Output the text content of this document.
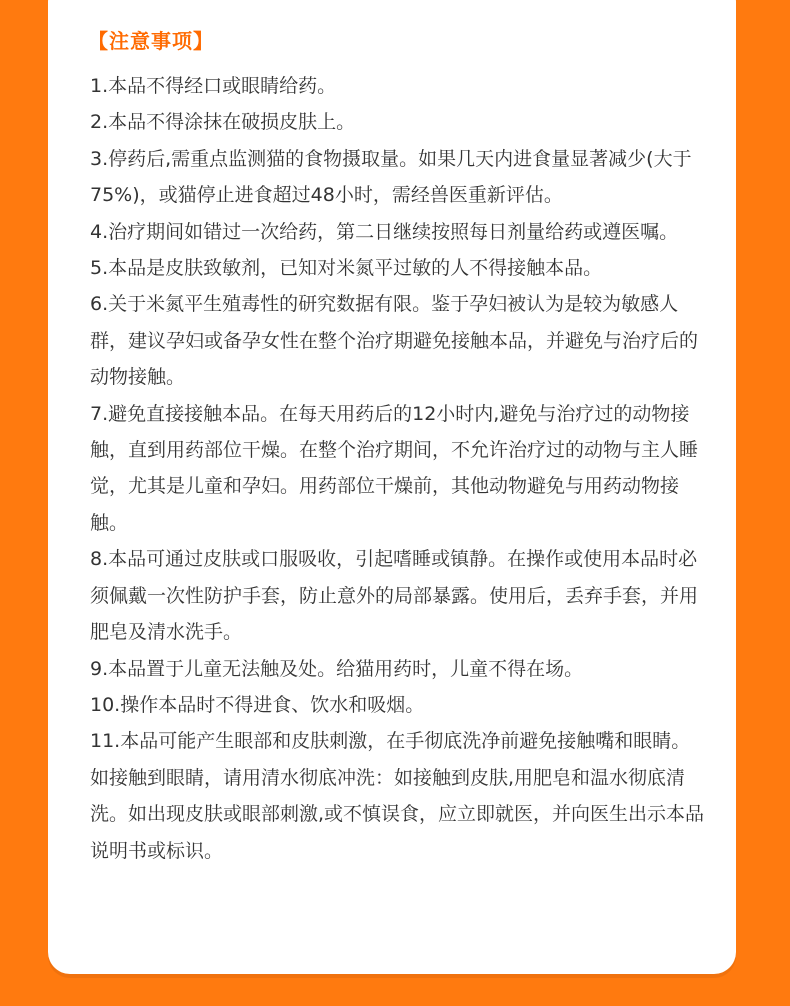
【注意事项】
1.本品不得经口或眼睛给药。
2.本品不得涂抹在破损皮肤上。
3.停药后,需重点监测猫的食物摄取量。如果几天内进食量显著减少(大于75%)，或猫停止进食超过48小时，需经兽医重新评估。
4.治疗期间如错过一次给药，第二日继续按照每日剂量给药或遵医嘱。
5.本品是皮肤致敏剂，已知对米氮平过敏的人不得接触本品。
6.关于米氮平生殖毒性的研究数据有限。鉴于孕妇被认为是较为敏感人群，建议孕妇或备孕女性在整个治疗期避免接触本品，并避免与治疗后的动物接触。
7.避免直接接触本品。在每天用药后的12小时内,避免与治疗过的动物接触，直到用药部位干燥。在整个治疗期间，不允许治疗过的动物与主人睡觉，尤其是儿童和孕妇。用药部位干燥前，其他动物避免与用药动物接触。
8.本品可通过皮肤或口服吸收，引起嗜睡或镇静。在操作或使用本品时必须佩戴一次性防护手套，防止意外的局部暴露。使用后，丢弃手套，并用肥皂及清水洗手。
9.本品置于儿童无法触及处。给猫用药时，儿童不得在场。
10.操作本品时不得进食、饮水和吸烟。
11.本品可能产生眼部和皮肤刺激，在手彻底洗净前避免接触嘴和眼睛。如接触到眼睛，请用清水彻底冲洗：如接触到皮肤,用肥皂和温水彻底清洗。如出现皮肤或眼部刺激,或不慎误食，应立即就医，并向医生出示本品说明书或标识。
